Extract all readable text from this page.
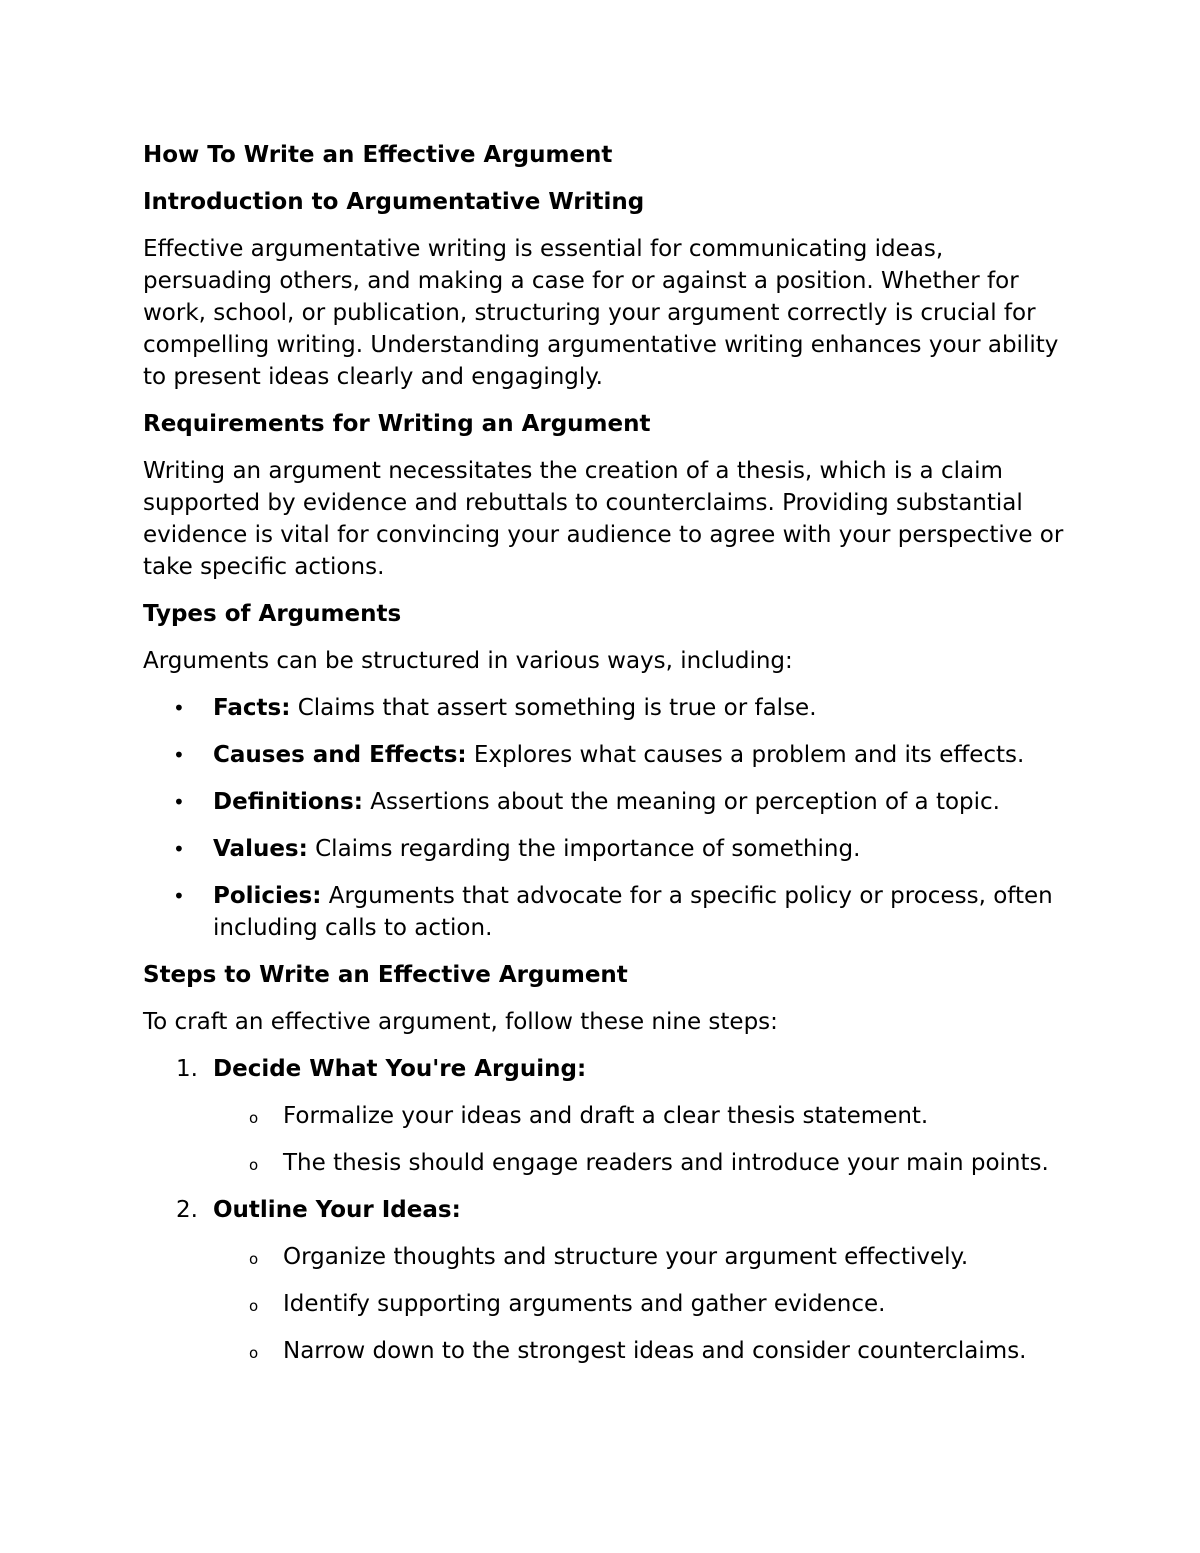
How To Write an Effective Argument
Introduction to Argumentative Writing

Effective argumentative writing is essential for communicating ideas, persuading others, and making a case for or against a position. Whether for work, school, or publication, structuring your argument correctly is crucial for compelling writing. Understanding argumentative writing enhances your ability to present ideas clearly and engagingly.

Requirements for Writing an Argument

Writing an argument necessitates the creation of a thesis, which is a claim supported by evidence and rebuttals to counterclaims. Providing substantial evidence is vital for convincing your audience to agree with your perspective or take specific actions.

Types of Arguments

Arguments can be structured in various ways, including:

• Facts: Claims that assert something is true or false.
• Causes and Effects: Explores what causes a problem and its effects.
• Definitions: Assertions about the meaning or perception of a topic.
• Values: Claims regarding the importance of something.
• Policies: Arguments that advocate for a specific policy or process, often including calls to action.
Steps to Write an Effective Argument

To craft an effective argument, follow these nine steps:

1. Decide What You're Arguing:
o Formalize your ideas and draft a clear thesis statement.
o The thesis should engage readers and introduce your main points.
2. Outline Your Ideas:
o Organize thoughts and structure your argument effectively.
o Identify supporting arguments and gather evidence.
o Narrow down to the strongest ideas and consider counterclaims.
